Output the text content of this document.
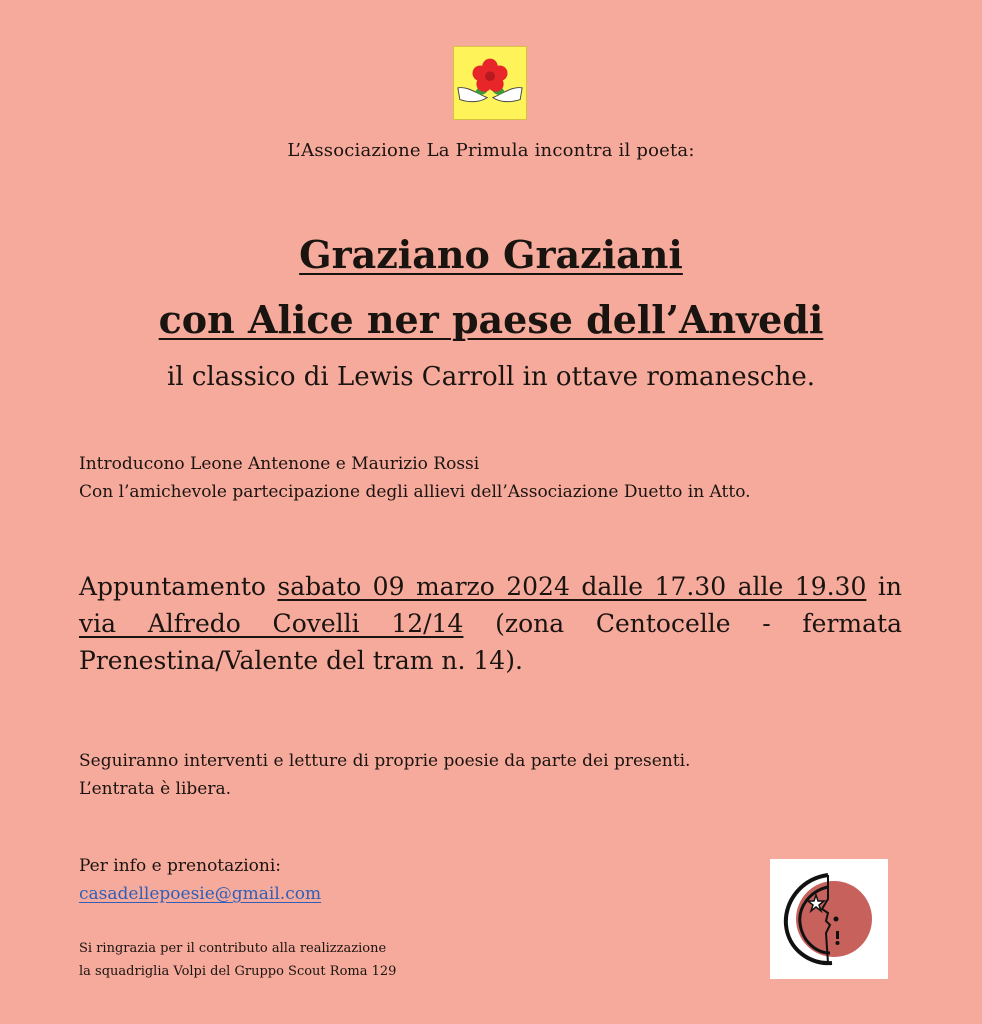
L’Associazione La Primula incontra il poeta:
Graziano Graziani
con Alice ner paese dell’Anvedi
il classico di Lewis Carroll in ottave romanesche.
Introducono Leone Antenone e Maurizio Rossi
Con l’amichevole partecipazione degli allievi dell’Associazione Duetto in Atto.
Appuntamento sabato 09 marzo 2024 dalle 17.30 alle 19.30 in via Alfredo Covelli 12/14 (zona Centocelle - fermata Prenestina/Valente del tram n. 14).
Seguiranno interventi e letture di proprie poesie da parte dei presenti.
L’entrata è libera.
Per info e prenotazioni:
casadellepoesie@gmail.com
Si ringrazia per il contributo alla realizzazione
la squadriglia Volpi del Gruppo Scout Roma 129
